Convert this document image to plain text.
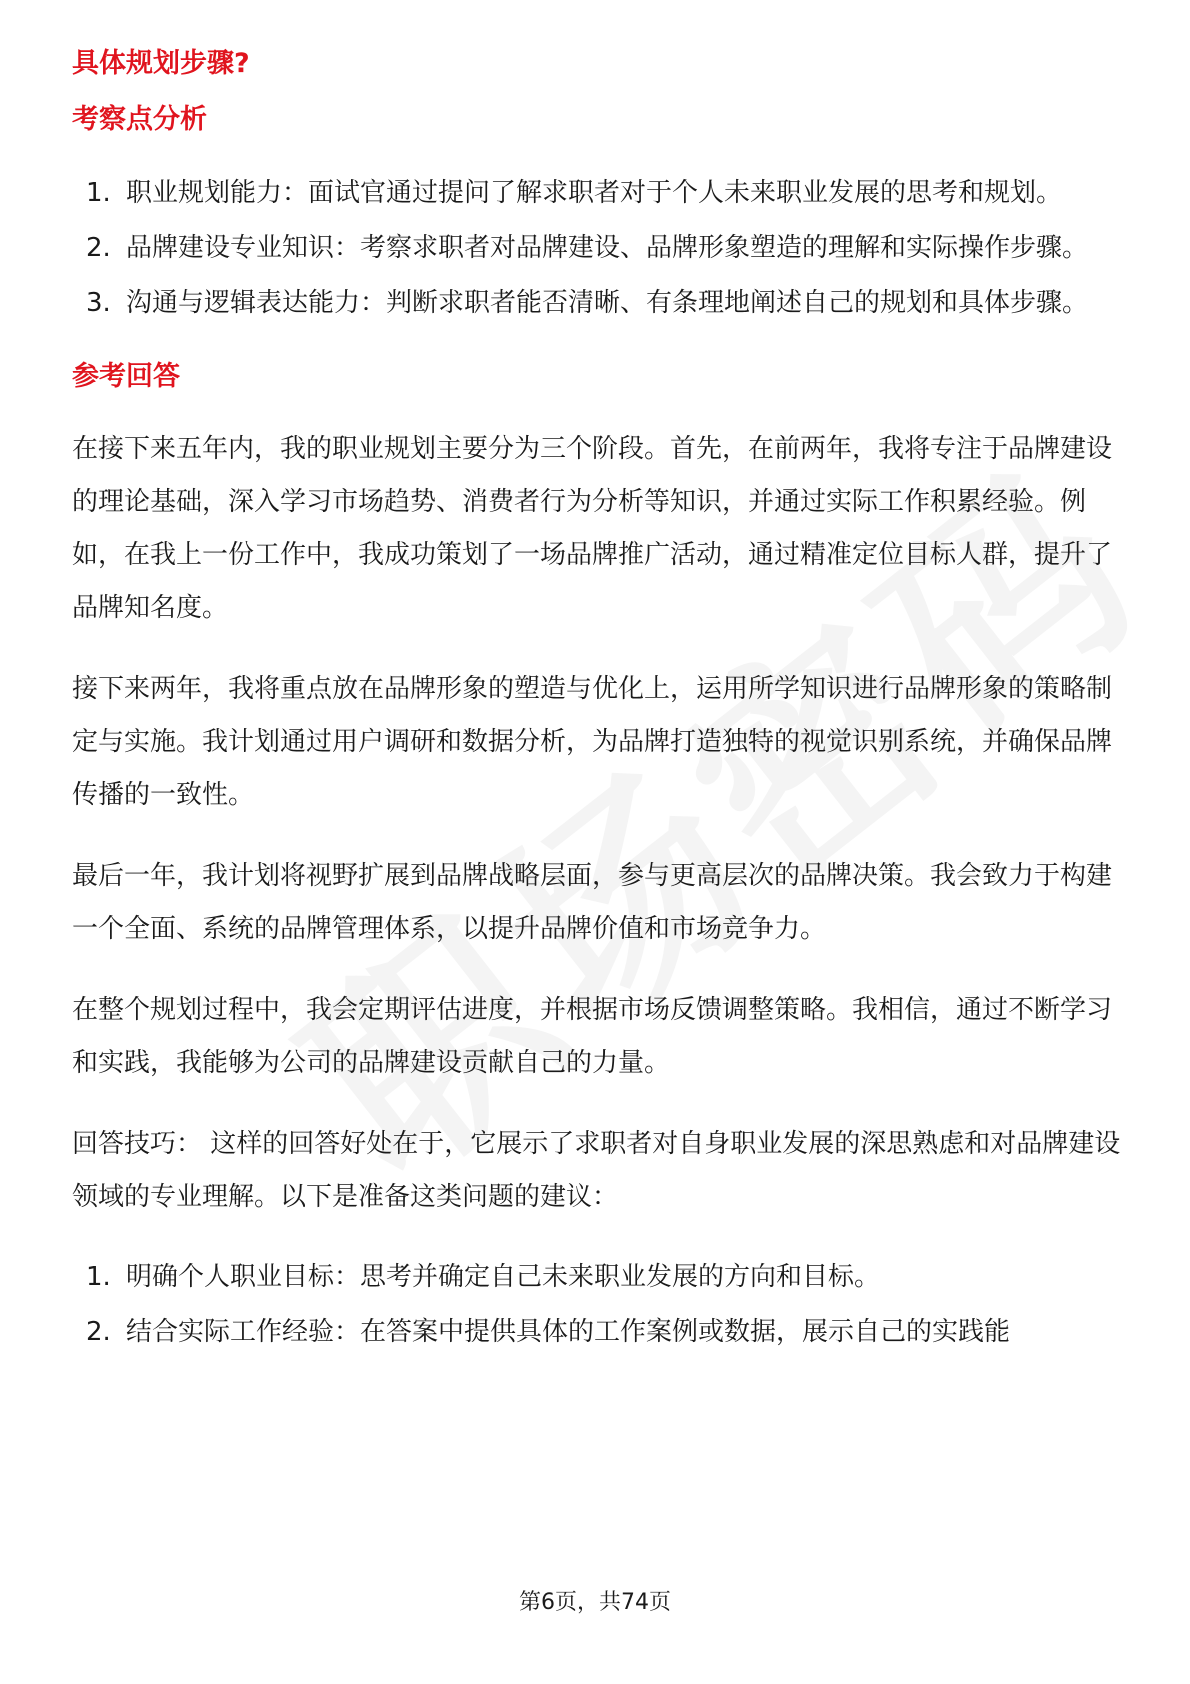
具体规划步骤?
考察点分析
1. 职业规划能力：面试官通过提问了解求职者对于个人未来职业发展的思考和规划。
2. 品牌建设专业知识：考察求职者对品牌建设、品牌形象塑造的理解和实际操作步骤。
3. 沟通与逻辑表达能力：判断求职者能否清晰、有条理地阐述自己的规划和具体步骤。
参考回答

在接下来五年内，我的职业规划主要分为三个阶段。首先，在前两年，我将专注于品牌建设的理论基础，深入学习市场趋势、消费者行为分析等知识，并通过实际工作积累经验。例如，在我上一份工作中，我成功策划了一场品牌推广活动，通过精准定位目标人群，提升了品牌知名度。

接下来两年，我将重点放在品牌形象的塑造与优化上，运用所学知识进行品牌形象的策略制定与实施。我计划通过用户调研和数据分析，为品牌打造独特的视觉识别系统，并确保品牌传播的一致性。

最后一年，我计划将视野扩展到品牌战略层面，参与更高层次的品牌决策。我会致力于构建一个全面、系统的品牌管理体系，以提升品牌价值和市场竞争力。

在整个规划过程中，我会定期评估进度，并根据市场反馈调整策略。我相信，通过不断学习和实践，我能够为公司的品牌建设贡献自己的力量。

回答技巧： 这样的回答好处在于，它展示了求职者对自身职业发展的深思熟虑和对品牌建设领域的专业理解。以下是准备这类问题的建议：

1. 明确个人职业目标：思考并确定自己未来职业发展的方向和目标。
2. 结合实际工作经验：在答案中提供具体的工作案例或数据，展示自己的实践能
第6页，共74页
